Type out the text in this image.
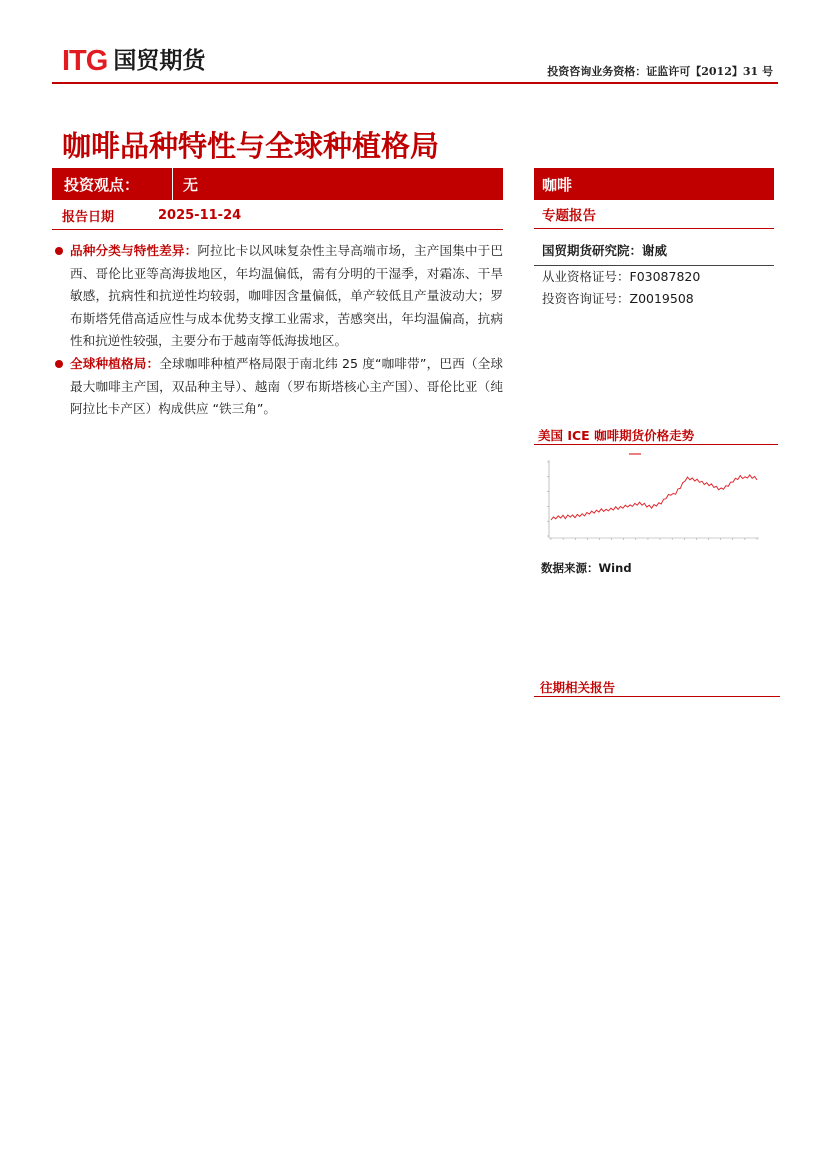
ITG 国贸期货	投资咨询业务资格：证监许可【2012】31 号
咖啡品种特性与全球种植格局
投资观点：	无
报告日期	2025-11-24
品种分类与特性差异：阿拉比卡以风味复杂性主导高端市场，主产国集中于巴西、哥伦比亚等高海拔地区，年均温偏低，需有分明的干湿季，对霜冻、干旱敏感，抗病性和抗逆性均较弱，咖啡因含量偏低，单产较低且产量波动大；罗布斯塔凭借高适应性与成本优势支撑工业需求，苦感突出，年均温偏高，抗病性和抗逆性较强，主要分布于越南等低海拔地区。
全球种植格局：全球咖啡种植严格局限于南北纬 25 度“咖啡带”，巴西（全球最大咖啡主产国，双品种主导）、越南（罗布斯塔核心主产国）、哥伦比亚（纯阿拉比卡产区）构成供应 “铁三角”。
咖啡
专题报告
国贸期货研究院：谢威
从业资格证号：F03087820
投资咨询证号：Z0019508
美国 ICE 咖啡期货价格走势
数据来源：Wind
往期相关报告
